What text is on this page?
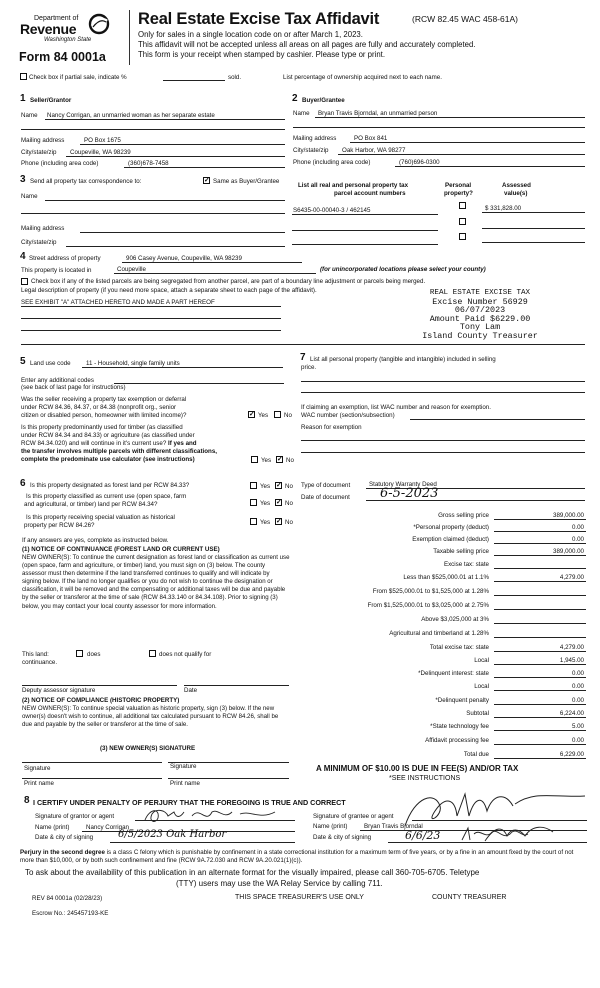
Department of
Revenue
Washington State
Form 84 0001a
Real Estate Excise Tax Affidavit	(RCW 82.45 WAC 458-61A)
Only for sales in a single location code on or after March 1, 2023.
This affidavit will not be accepted unless all areas on all pages are fully and accurately completed.
This form is your receipt when stamped by cashier. Please type or print.
Check box if partial sale, indicate %	sold.	List percentage of ownership acquired next to each name.
1 Seller/Grantor
Name Nancy Corrigan, an unmarried woman as her separate estate
Mailing address	PO Box 1675
City/state/zip Coupeville, WA 98239
Phone (including area code)	(360)678-7458
2 Buyer/Grantee
Name Bryan Travis Bjorndal, an unmarried person
Mailing address	PO Box 841
City/state/zip Oak Harbor, WA 98277
Phone (including area code)	(760)696-0300
3 Send all property tax correspondence to: ✓	Same as Buyer/Grantee
Name
Mailing address
City/state/zip
List all real and personal property tax
parcel account numbers
Personal
property?
Assessed
value(s)
S6435-00-00040-3 / 462145	$ 331,828.00
4 Street address of property	906 Casey Avenue, Coupeville, WA 98239
This property is located in	Coupeville	(for unincorporated locations please select your county)
Check box if any of the listed parcels are being segregated from another parcel, are part of a boundary line adjustment or parcels being merged.
Legal description of property (if you need more space, attach a separate sheet to each page of the affidavit).
SEE EXHIBIT "A" ATTACHED HERETO AND MADE A PART HEREOF
REAL ESTATE EXCISE TAX
Excise Number 56929
06/07/2023
Amount Paid $6229.00
Tony Lam
Island County Treasurer
5 Land use code 11 - Household, single family units
Enter any additional codes
(see back of last page for instructions)
Was the seller receiving a property tax exemption or deferral
under RCW 84.36, 84.37, or 84.38 (nonprofit org., senior
citizen or disabled person, homeowner with limited income)? ✓	Yes	No
Is this property predominantly used for timber (as classified
under RCW 84.34 and 84.33) or agriculture (as classified under
RCW 84.34.020) and will continue in it's current use? If yes and
the transfer involves multiple parcels with different classifications,
complete the predominate use calculator (see instructions)	Yes ✓ No
7 List all personal property (tangible and intangible) included in selling
price.
If claiming an exemption, list WAC number and reason for exemption.
WAC number (section/subsection)
Reason for exemption
6 Is this property designated as forest land per RCW 84.33?	Yes ✓ No
Is this property classified as current use (open space, farm
and agricultural, or timber) land per RCW 84.34?	Yes ✓ No
Is this property receiving special valuation as historical
property per RCW 84.26?	Yes ✓ No
If any answers are yes, complete as instructed below.
(1) NOTICE OF CONTINUANCE (FOREST LAND OR CURRENT USE)
NEW OWNER(S): To continue the current designation as forest land or classification as current use (open space, farm and agriculture, or timber) land, you must sign on (3) below. The county assessor must then determine if the land transferred continues to qualify and will indicate by signing below. If the land no longer qualifies or you do not wish to continue the designation or classification, it will be removed and the compensating or additional taxes will be due and payable by the seller or transferor at the time of sale (RCW 84.33.140 or 84.34.108). Prior to signing (3) below, you may contact your local county assessor for more information.
This land:	does	does not qualify for
continuance.
Deputy assessor signature	Date
(2) NOTICE OF COMPLIANCE (HISTORIC PROPERTY)
NEW OWNER(S): To continue special valuation as historic property, sign (3) below. If the new owner(s) doesn't wish to continue, all additional tax calculated pursuant to RCW 84.26, shall be due and payable by the seller or transferor at the time of sale.
(3) NEW OWNER(S) SIGNATURE
Signature	Signature
Print name	Print name
Type of document	Statutory Warranty Deed
Date of document 6-5-2023
Gross selling price	389,000.00
*Personal property (deduct)	0.00
Exemption claimed (deduct)	0.00
Taxable selling price	389,000.00
Excise tax: state
Less than $525,000.01 at 1.1%	4,279.00
From $525,000.01 to $1,525,000 at 1.28%
From $1,525,000.01 to $3,025,000 at 2.75%
Above $3,025,000 at 3%
Agricultural and timberland at 1.28%
Total excise tax: state	4,279.00
Local	1,945.00
*Delinquent interest: state	0.00
Local	0.00
*Delinquent penalty	0.00
Subtotal	6,224.00
*State technology fee	5.00
Affidavit processing fee	0.00
Total due	6,229.00
A MINIMUM OF $10.00 IS DUE IN FEE(S) AND/OR TAX
*SEE INSTRUCTIONS
8 I CERTIFY UNDER PENALTY OF PERJURY THAT THE FOREGOING IS TRUE AND CORRECT
Signature of grantor or agent	Signature of grantee or agent
Name (print)	Nancy Corrigan	Name (print)	Bryan Travis Bjorndal
Date & city of signing 6/5/2023 Oak Harbor	Date & city of signing	6/6/23
Perjury in the second degree is a class C felony which is punishable by confinement in a state correctional institution for a maximum term of five years, or by a fine in an amount fixed by the court of not more than $10,000, or by both such confinement and fine (RCW 9A.72.030 and RCW 9A.20.021(1)(c)).
To ask about the availability of this publication in an alternate format for the visually impaired, please call 360-705-6705. Teletype
(TTY) users may use the WA Relay Service by calling 711.
REV 84 0001a (02/28/23)	THIS SPACE TREASURER'S USE ONLY	COUNTY TREASURER
Escrow No.: 245457193-KE
